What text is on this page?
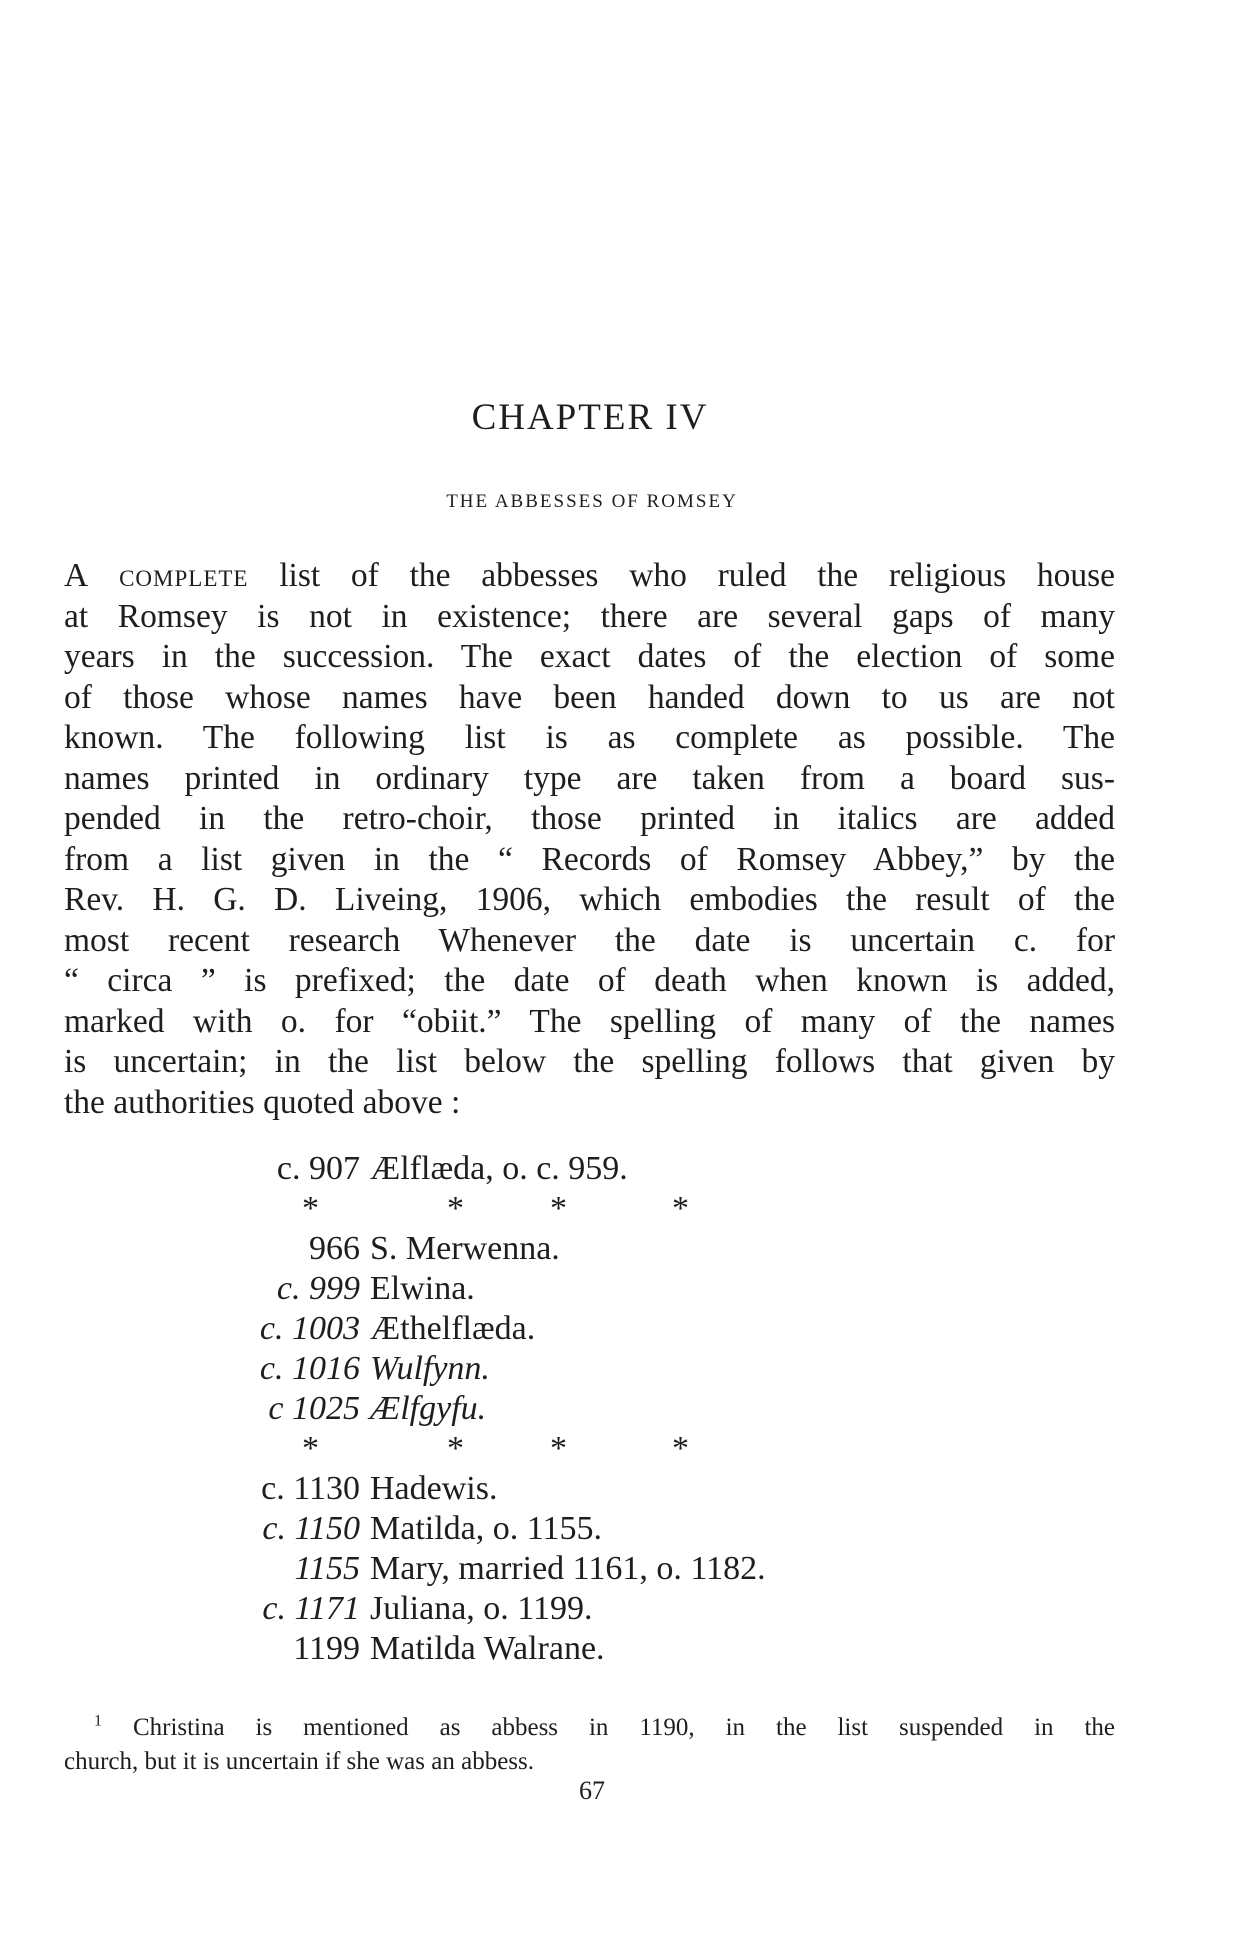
CHAPTER IV
THE ABBESSES OF ROMSEY
A complete list of the abbesses who ruled the religious house
at Romsey is not in existence; there are several gaps of many
years in the succession. The exact dates of the election of some
of those whose names have been handed down to us are not
known. The following list is as complete as possible. The
names printed in ordinary type are taken from a board sus-
pended in the retro-choir, those printed in italics are added
from a list given in the “ Records of Romsey Abbey,” by the
Rev. H. G. D. Liveing, 1906, which embodies the result of the
most recent research Whenever the date is uncertain c. for
“ circa ” is prefixed; the date of death when known is added,
marked with o. for “obiit.” The spelling of many of the names
is uncertain; in the list below the spelling follows that given by
the authorities quoted above :
c. 907 Ælflæda, o. c. 959.
*	*	*	*
966 S. Merwenna.
c. 999 Elwina.
c. 1003 Æthelflæda.
c. 1016 Wulfynn.
c 1025 Ælfgyfu.
*	*	*	*
c. 1130 Hadewis.
c. 1150 Matilda, o. 1155.
1155 Mary, married 1161, o. 1182.
c. 1171 Juliana, o. 1199.
1199 Matilda Walrane.
$^1$ Christina is mentioned as abbess in 1190, in the list suspended in the
church, but it is uncertain if she was an abbess.
67
